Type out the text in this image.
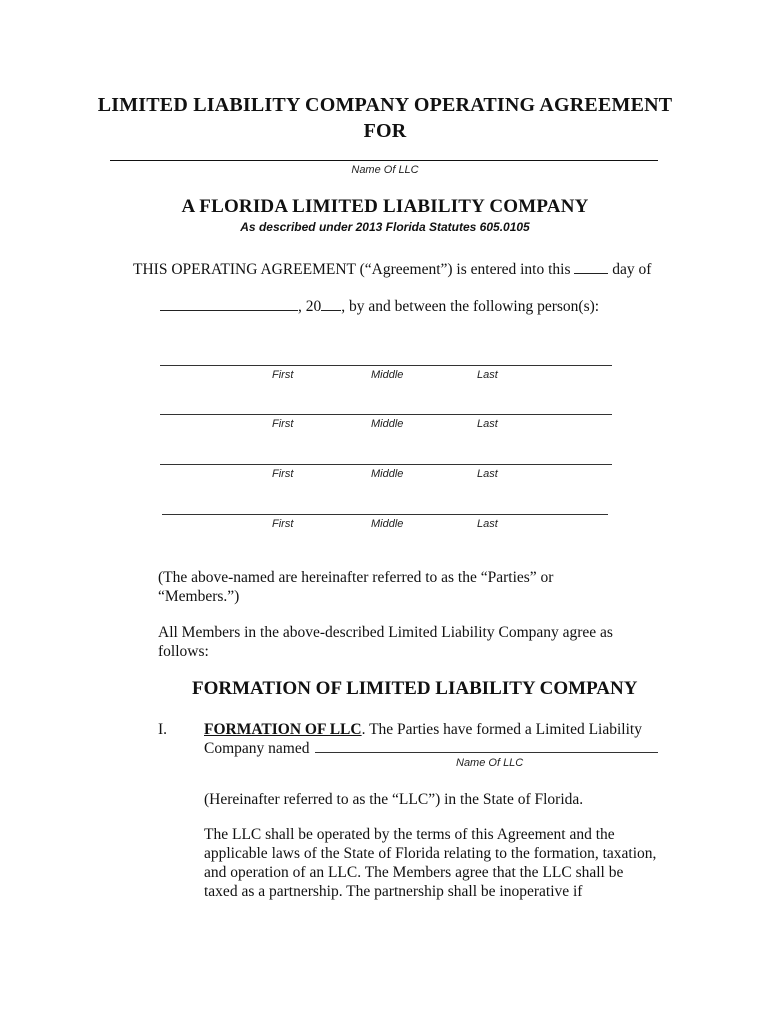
LIMITED LIABILITY COMPANY OPERATING AGREEMENT
FOR
Name Of LLC
A FLORIDA LIMITED LIABILITY COMPANY
As described under 2013 Florida Statutes 605.0105
THIS OPERATING AGREEMENT (“Agreement”) is entered into this	day of
, 20 , by and between the following person(s):
First	Middle	Last
First	Middle	Last
First	Middle	Last
First	Middle	Last
(The above-named are hereinafter referred to as the “Parties” or “Members.”)
All Members in the above-described Limited Liability Company agree as follows:
FORMATION OF LIMITED LIABILITY COMPANY
I. FORMATION OF LLC. The Parties have formed a Limited Liability
Company named
Name Of LLC
(Hereinafter referred to as the “LLC”) in the State of Florida.
The LLC shall be operated by the terms of this Agreement and the applicable laws of the State of Florida relating to the formation, taxation, and operation of an LLC. The Members agree that the LLC shall be taxed as a partnership. The partnership shall be inoperative if
